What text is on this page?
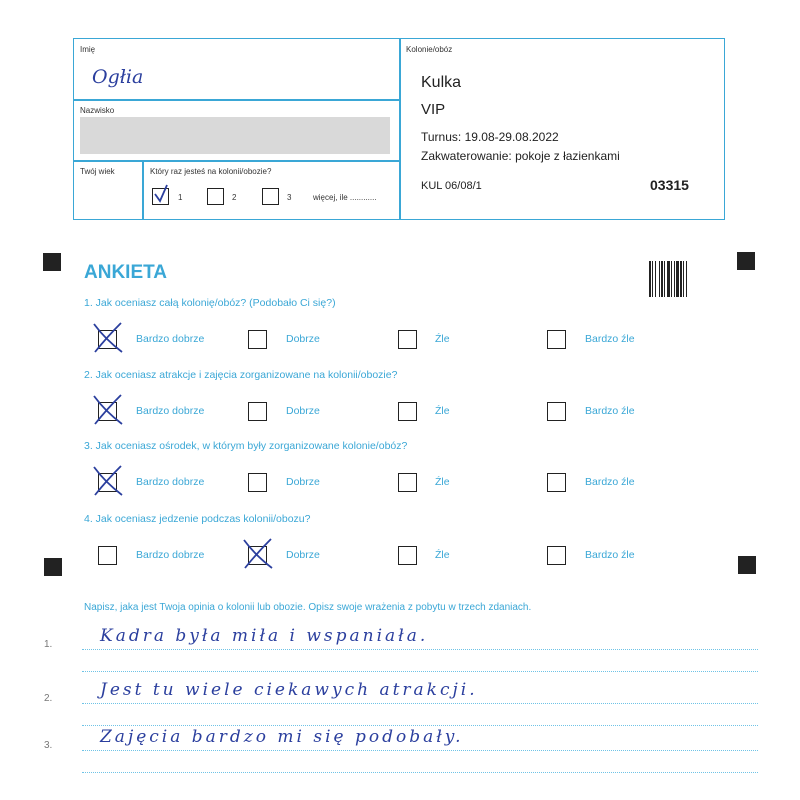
Imię
Ogłia
Nazwisko
Twój wiek	Który raz jesteś na kolonii/obozie?
1	2	3	więcej, ile ............
Kolonie/obóz
Kulka
VIP
Turnus: 19.08-29.08.2022
Zakwaterowanie: pokoje z łazienkami
KUL 06/08/1	03315
ANKIETA
1. Jak oceniasz całą kolonię/obóz? (Podobało Ci się?)
Bardzo dobrze	Dobrze	Źle	Bardzo źle
2. Jak oceniasz atrakcje i zajęcia zorganizowane na kolonii/obozie?
Bardzo dobrze	Dobrze	Źle	Bardzo źle
3. Jak oceniasz ośrodek, w którym były zorganizowane kolonie/obóz?
Bardzo dobrze	Dobrze	Źle	Bardzo źle
4. Jak oceniasz jedzenie podczas kolonii/obozu?
Bardzo dobrze	Dobrze	Źle	Bardzo źle
Napisz, jaka jest Twoja opinia o kolonii lub obozie. Opisz swoje wrażenia z pobytu w trzech zdaniach.
1.	Kadra była miła i wspaniała.
2.	Jest tu wiele ciekawych atrakcji.
3.	Zajęcia bardzo mi się podobały.
